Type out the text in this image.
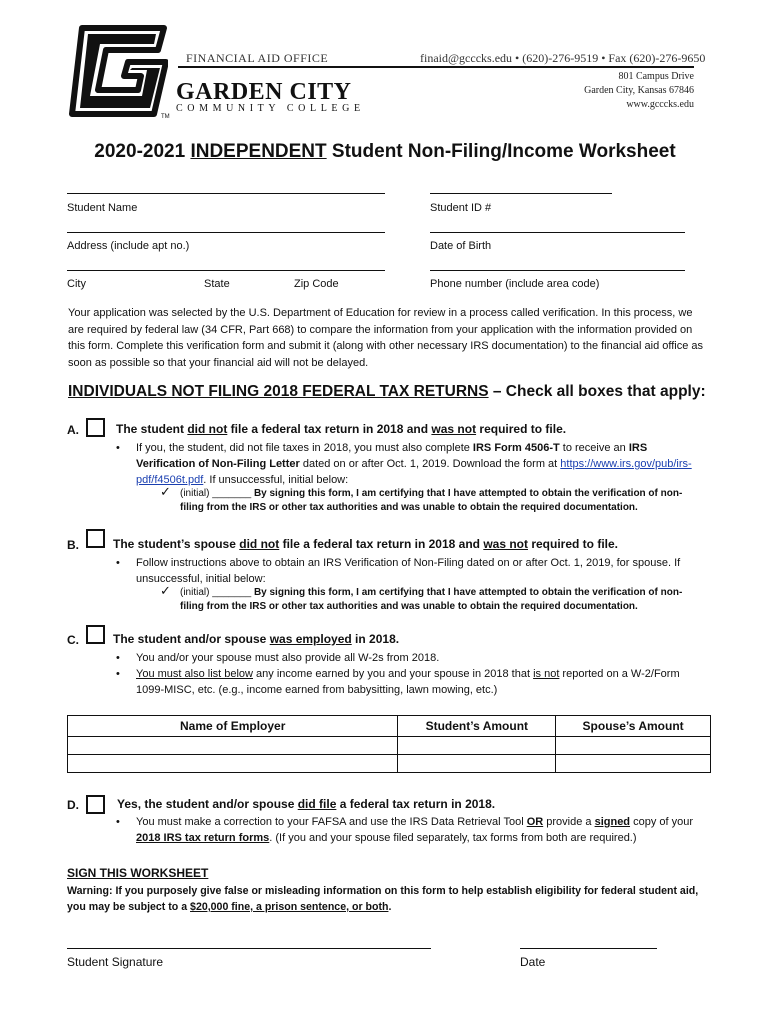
TM
FINANCIAL AID OFFICE	finaid@gcccks.edu • (620)-276-9519 • Fax (620)-276-9650
GARDEN CITY
COMMUNITY COLLEGE
801 Campus Drive
Garden City, Kansas 67846
www.gcccks.edu
2020-2021 INDEPENDENT Student Non-Filing/Income Worksheet
Student Name	Student ID #
Address (include apt no.)	Date of Birth
City	State	Zip Code	Phone number (include area code)
Your application was selected by the U.S. Department of Education for review in a process called verification. In this process, we are required by federal law (34 CFR, Part 668) to compare the information from your application with the information provided on this form. Complete this verification form and submit it (along with other necessary IRS documentation) to the financial aid office as soon as possible so that your financial aid will not be delayed.
INDIVIDUALS NOT FILING 2018 FEDERAL TAX RETURNS – Check all boxes that apply:
A.	The student did not file a federal tax return in 2018 and was not required to file.
• If you, the student, did not file taxes in 2018, you must also complete IRS Form 4506-T to receive an IRS Verification of Non-Filing Letter dated on or after Oct. 1, 2019. Download the form at https://www.irs.gov/pub/irs-pdf/f4506t.pdf. If unsuccessful, initial below:
✓ (initial) _______ By signing this form, I am certifying that I have attempted to obtain the verification of non-filing from the IRS or other tax authorities and was unable to obtain the required documentation.
B.	The student’s spouse did not file a federal tax return in 2018 and was not required to file.
• Follow instructions above to obtain an IRS Verification of Non-Filing dated on or after Oct. 1, 2019, for spouse. If unsuccessful, initial below:
✓ (initial) _______ By signing this form, I am certifying that I have attempted to obtain the verification of non-filing from the IRS or other tax authorities and was unable to obtain the required documentation.
C.	The student and/or spouse was employed in 2018.
• You and/or your spouse must also provide all W-2s from 2018.
• You must also list below any income earned by you and your spouse in 2018 that is not reported on a W-2/Form 1099-MISC, etc. (e.g., income earned from babysitting, lawn mowing, etc.)
Name of Employer	Student’s Amount	Spouse’s Amount

D.	Yes, the student and/or spouse did file a federal tax return in 2018.
• You must make a correction to your FAFSA and use the IRS Data Retrieval Tool OR provide a signed copy of your 2018 IRS tax return forms. (If you and your spouse filed separately, tax forms from both are required.)
SIGN THIS WORKSHEET
Warning: If you purposely give false or misleading information on this form to help establish eligibility for federal student aid, you may be subject to a $20,000 fine, a prison sentence, or both.
Student Signature	Date
